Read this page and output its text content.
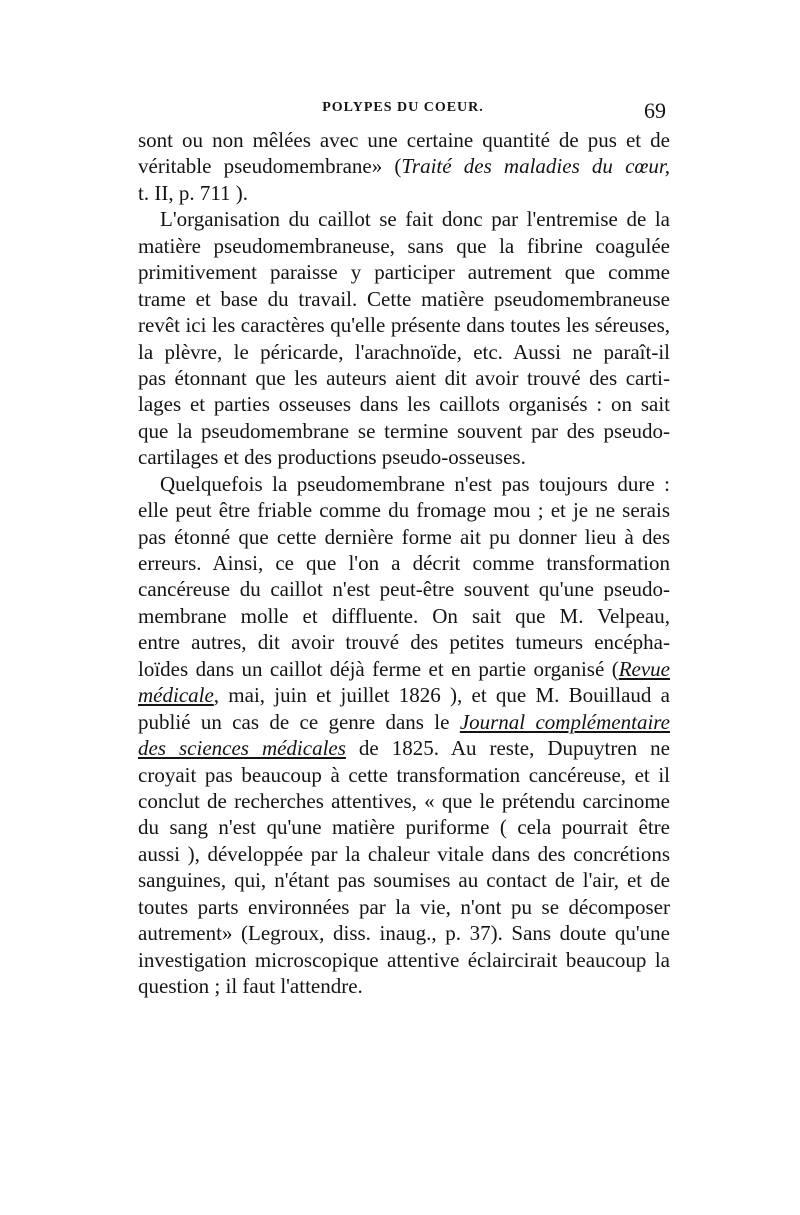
POLYPES DU COEUR.	69
sont ou non mêlées avec une certaine quantité de pus et de
véritable pseudomembrane» (Traité des maladies du cœur,
t. II, p. 711 ).
L'organisation du caillot se fait donc par l'entremise de la
matière pseudomembraneuse, sans que la fibrine coagulée
primitivement paraisse y participer autrement que comme
trame et base du travail. Cette matière pseudomembraneuse
revêt ici les caractères qu'elle présente dans toutes les séreuses,
la plèvre, le péricarde, l'arachnoïde, etc. Aussi ne paraît-il
pas étonnant que les auteurs aient dit avoir trouvé des carti-
lages et parties osseuses dans les caillots organisés : on sait
que la pseudomembrane se termine souvent par des pseudo-
cartilages et des productions pseudo-osseuses.
Quelquefois la pseudomembrane n'est pas toujours dure :
elle peut être friable comme du fromage mou ; et je ne serais
pas étonné que cette dernière forme ait pu donner lieu à des
erreurs. Ainsi, ce que l'on a décrit comme transformation
cancéreuse du caillot n'est peut-être souvent qu'une pseudo-
membrane molle et diffluente. On sait que M. Velpeau,
entre autres, dit avoir trouvé des petites tumeurs encépha-
loïdes dans un caillot déjà ferme et en partie organisé (Revue
médicale, mai, juin et juillet 1826 ), et que M. Bouillaud a
publié un cas de ce genre dans le Journal complémentaire
des sciences médicales de 1825. Au reste, Dupuytren ne
croyait pas beaucoup à cette transformation cancéreuse, et il
conclut de recherches attentives, « que le prétendu carcinome
du sang n'est qu'une matière puriforme ( cela pourrait être
aussi ), développée par la chaleur vitale dans des concrétions
sanguines, qui, n'étant pas soumises au contact de l'air, et de
toutes parts environnées par la vie, n'ont pu se décomposer
autrement» (Legroux, diss. inaug., p. 37). Sans doute qu'une
investigation microscopique attentive éclaircirait beaucoup la
question ; il faut l'attendre.
